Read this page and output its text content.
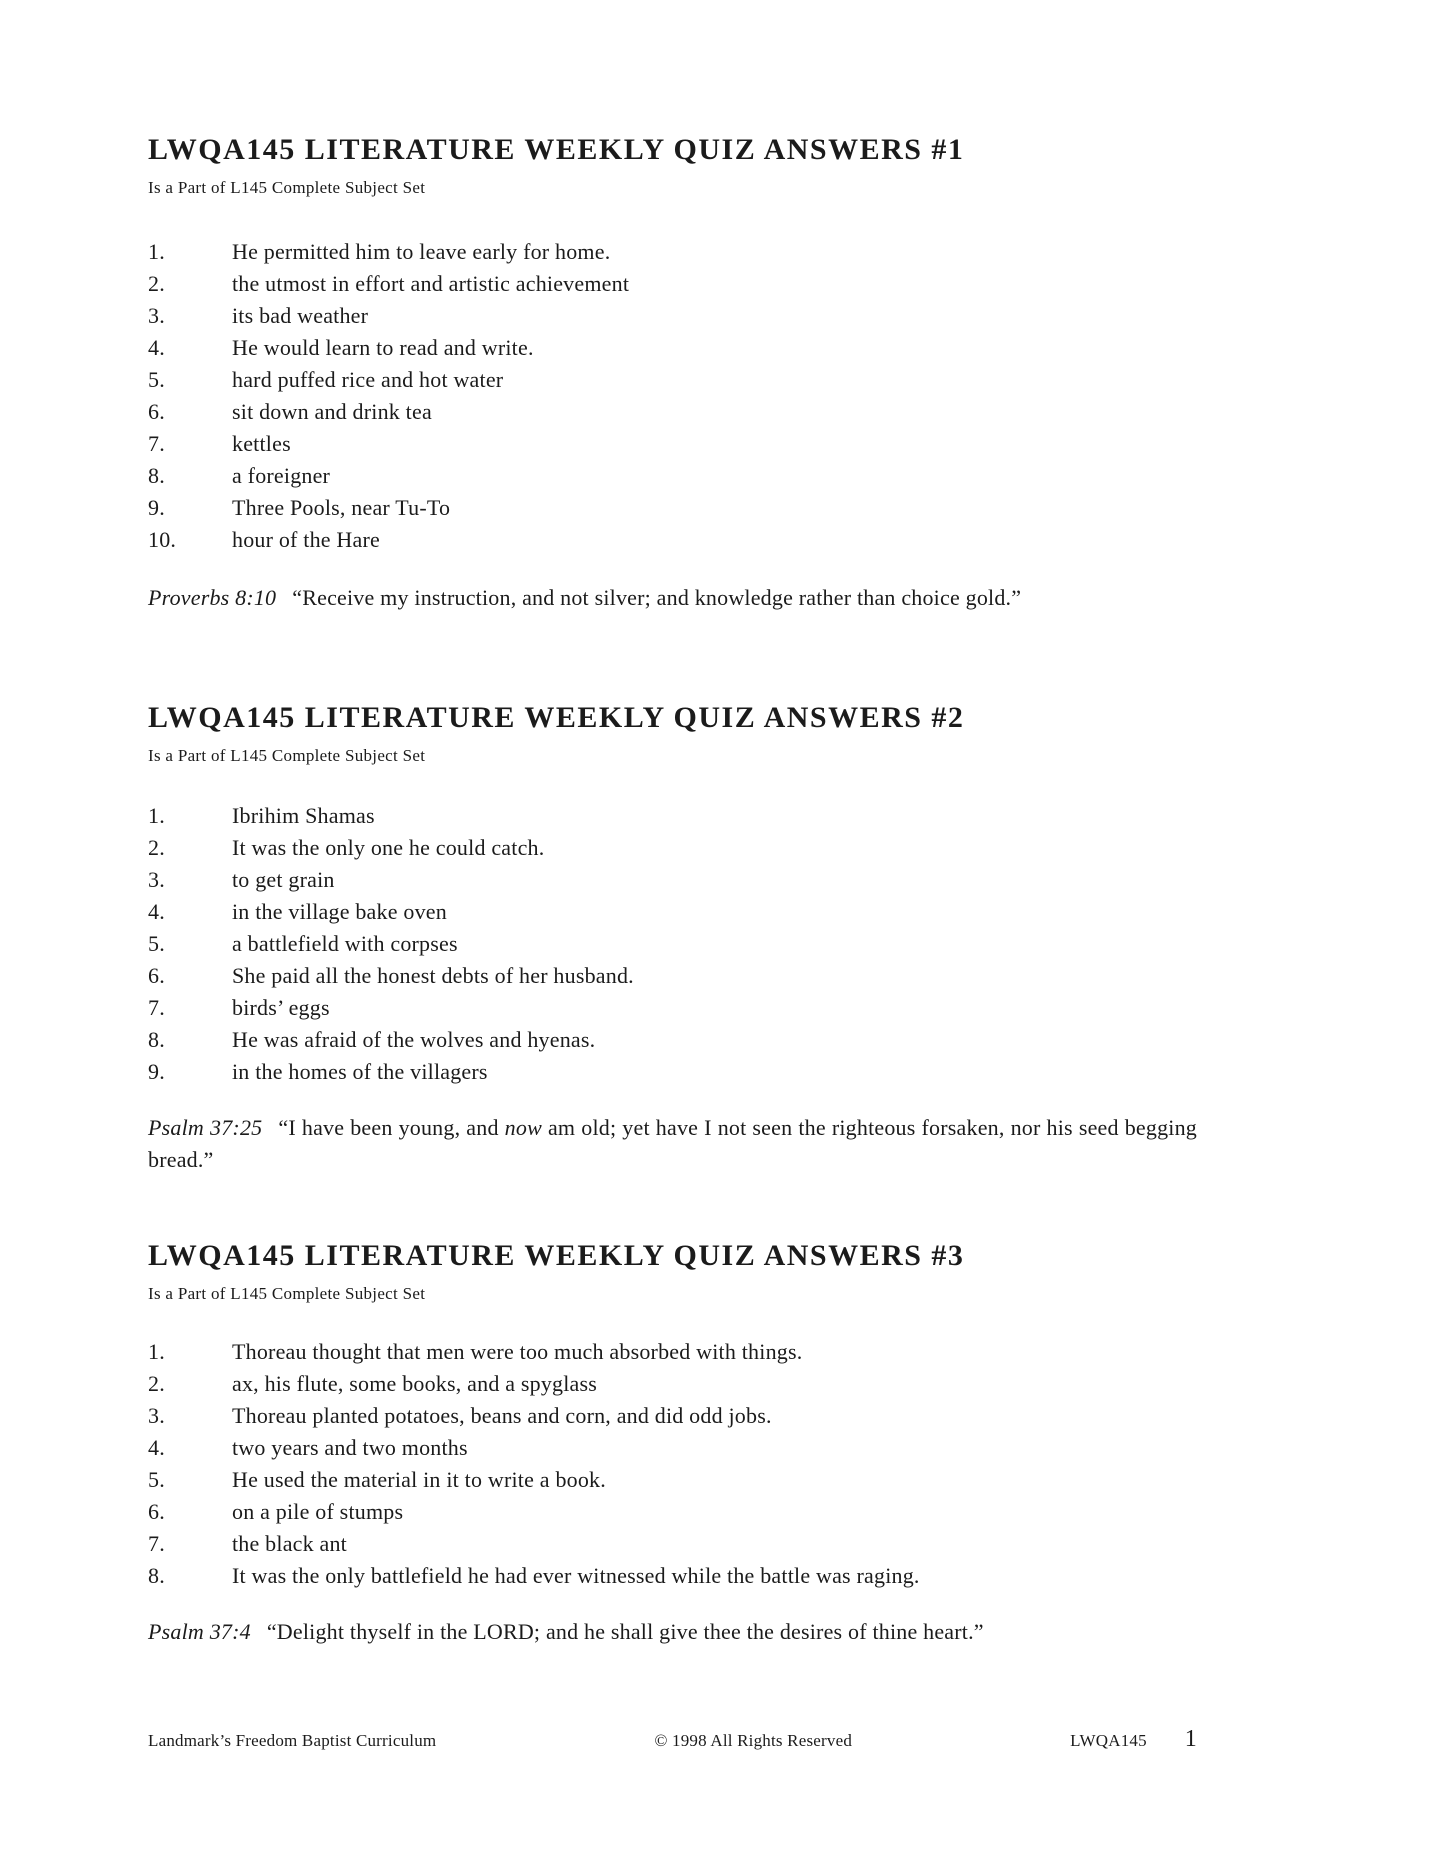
LWQA145 LITERATURE WEEKLY QUIZ ANSWERS #1

Is a Part of L145 Complete Subject Set

1.	He permitted him to leave early for home.
2.	the utmost in effort and artistic achievement
3.	its bad weather
4.	He would learn to read and write.
5.	hard puffed rice and hot water
6.	sit down and drink tea
7.	kettles
8.	a foreigner
9.	Three Pools, near Tu-To
10.	hour of the Hare

Proverbs 8:10 “Receive my instruction, and not silver; and knowledge rather than choice gold.”

LWQA145 LITERATURE WEEKLY QUIZ ANSWERS #2

Is a Part of L145 Complete Subject Set

1.	Ibrihim Shamas
2.	It was the only one he could catch.
3.	to get grain
4.	in the village bake oven
5.	a battlefield with corpses
6.	She paid all the honest debts of her husband.
7.	birds’ eggs
8.	He was afraid of the wolves and hyenas.
9.	in the homes of the villagers

Psalm 37:25 “I have been young, and now am old; yet have I not seen the righteous forsaken, nor his seed begging bread.”

LWQA145 LITERATURE WEEKLY QUIZ ANSWERS #3

Is a Part of L145 Complete Subject Set

1.	Thoreau thought that men were too much absorbed with things.
2.	ax, his flute, some books, and a spyglass
3.	Thoreau planted potatoes, beans and corn, and did odd jobs.
4.	two years and two months
5.	He used the material in it to write a book.
6.	on a pile of stumps
7.	the black ant
8.	It was the only battlefield he had ever witnessed while the battle was raging.

Psalm 37:4 “Delight thyself in the LORD; and he shall give thee the desires of thine heart.”

Landmark’s Freedom Baptist Curriculum	© 1998 All Rights Reserved	LWQA145 1
